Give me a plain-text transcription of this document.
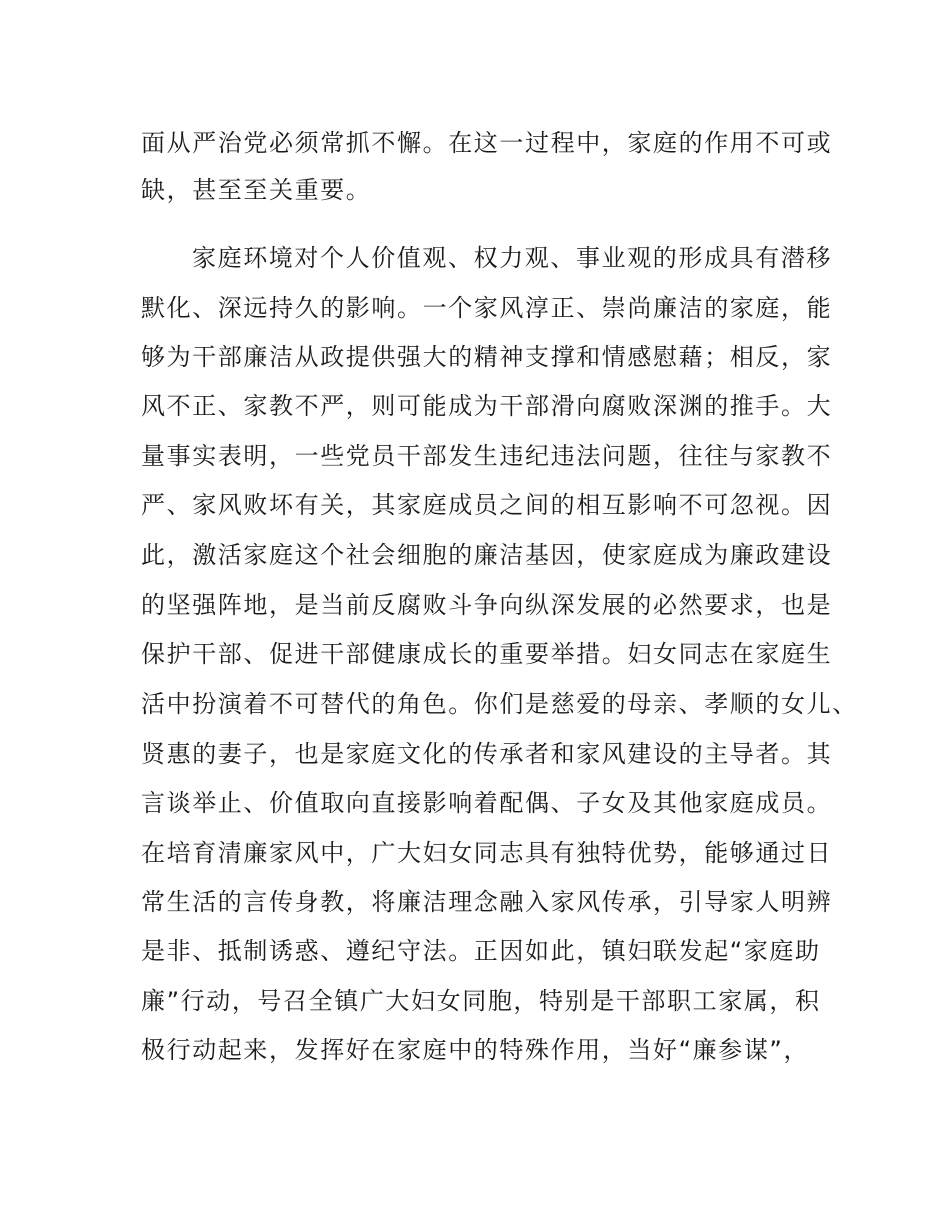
面从严治党必须常抓不懈。在这一过程中，家庭的作用不可或
缺，甚至至关重要。
家庭环境对个人价值观、权力观、事业观的形成具有潜移
默化、深远持久的影响。一个家风淳正、崇尚廉洁的家庭，能
够为干部廉洁从政提供强大的精神支撑和情感慰藉；相反，家
风不正、家教不严，则可能成为干部滑向腐败深渊的推手。大
量事实表明，一些党员干部发生违纪违法问题，往往与家教不
严、家风败坏有关，其家庭成员之间的相互影响不可忽视。因
此，激活家庭这个社会细胞的廉洁基因，使家庭成为廉政建设
的坚强阵地，是当前反腐败斗争向纵深发展的必然要求，也是
保护干部、促进干部健康成长的重要举措。妇女同志在家庭生
活中扮演着不可替代的角色。你们是慈爱的母亲、孝顺的女儿、
贤惠的妻子，也是家庭文化的传承者和家风建设的主导者。其
言谈举止、价值取向直接影响着配偶、子女及其他家庭成员。
在培育清廉家风中，广大妇女同志具有独特优势，能够通过日
常生活的言传身教，将廉洁理念融入家风传承，引导家人明辨
是非、抵制诱惑、遵纪守法。正因如此，镇妇联发起“家庭助
廉”行动，号召全镇广大妇女同胞，特别是干部职工家属，积
极行动起来，发挥好在家庭中的特殊作用，当好“廉参谋”，
